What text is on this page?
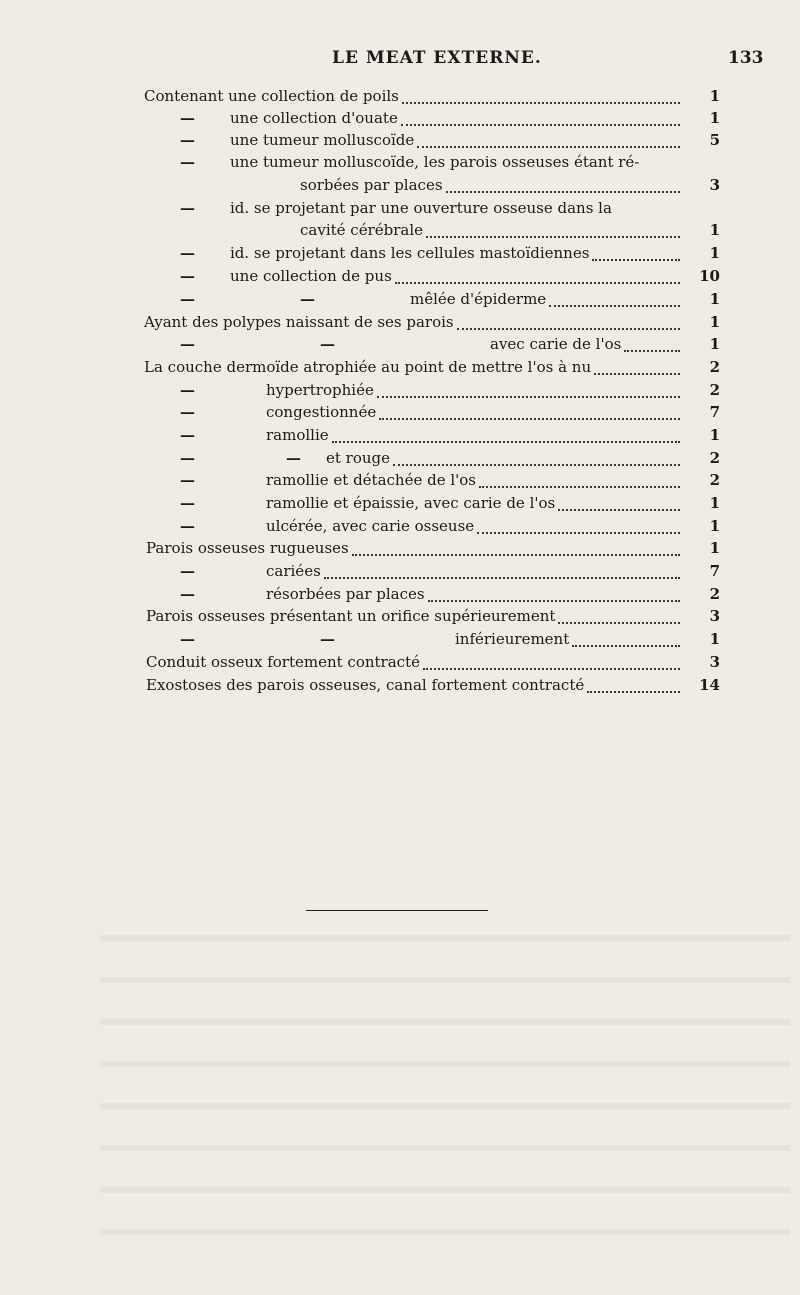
LE MEAT EXTERNE.	133
Contenant une collection de poils	1
— une collection d'ouate	1
— une tumeur molluscoïde	5
— une tumeur molluscoïde, les parois osseuses étant ré-
sorbées par places	3
— id. se projetant par une ouverture osseuse dans la
cavité cérébrale	1
— id. se projetant dans les cellules mastoïdiennes	1
— une collection de pus	10
—	—	mêlée d'épiderme	1
Ayant des polypes naissant de ses parois	1
—	—	avec carie de l'os	1
La couche dermoïde atrophiée au point de mettre l'os à nu	2
—	hypertrophiée	2
—	congestionnée	7
—	ramollie	1
—	— et rouge	2
—	ramollie et détachée de l'os	2
—	ramollie et épaissie, avec carie de l'os	1
—	ulcérée, avec carie osseuse	1
Parois osseuses rugueuses	1
—	cariées	7
—	résorbées par places	2
Parois osseuses présentant un orifice supérieurement	3
—	—	inférieurement	1
Conduit osseux fortement contracté	3
Exostoses des parois osseuses, canal fortement contracté	14
